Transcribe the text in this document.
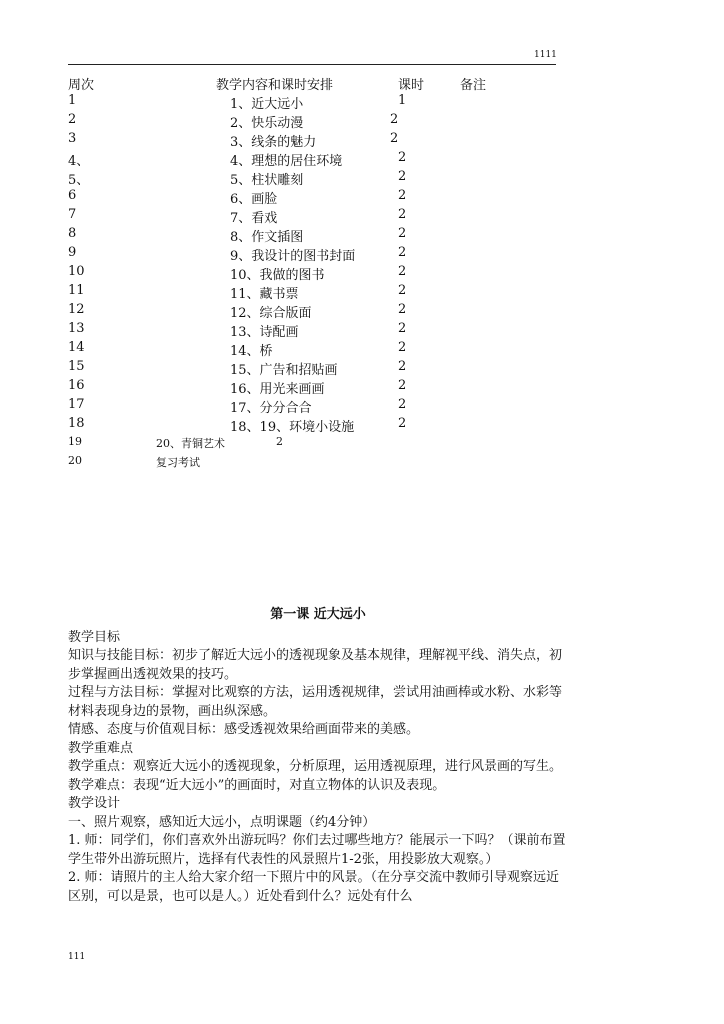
1111
周次	教学内容和课时安排	课时	备注
1	1、近大远小	1
2	2、快乐动漫	2
3	3、线条的魅力	2
4、	4、理想的居住环境	2
5、	5、柱状雕刻	2
6	6、画脸	2
7	7、看戏	2
8	8、作文插图	2
9	9、我设计的图书封面	2
10	10、我做的图书	2
11	11、藏书票	2
12	12、综合版面	2
13	13、诗配画	2
14	14、桥	2
15	15、广告和招贴画	2
16	16、用光来画画	2
17	17、分分合合	2
18	18、19、环境小设施	2
19	20、青铜艺术	2
20	复习考试
第一课 近大远小

教学目标

知识与技能目标：初步了解近大远小的透视现象及基本规律，理解视平线、消失点，初步掌握画出透视效果的技巧。

过程与方法目标：掌握对比观察的方法，运用透视规律，尝试用油画棒或水粉、水彩等材料表现身边的景物，画出纵深感。

情感、态度与价值观目标：感受透视效果给画面带来的美感。

教学重难点

教学重点：观察近大远小的透视现象，分析原理，运用透视原理，进行风景画的写生。

教学难点：表现“近大远小”的画面时，对直立物体的认识及表现。

教学设计

一、照片观察，感知近大远小，点明课题（约4分钟）

1. 师：同学们，你们喜欢外出游玩吗？你们去过哪些地方？能展示一下吗？（课前布置学生带外出游玩照片，选择有代表性的风景照片1-2张，用投影放大观察。）

2. 师：请照片的主人给大家介绍一下照片中的风景。（在分享交流中教师引导观察远近区别，可以是景，也可以是人。）近处看到什么？远处有什么

111
